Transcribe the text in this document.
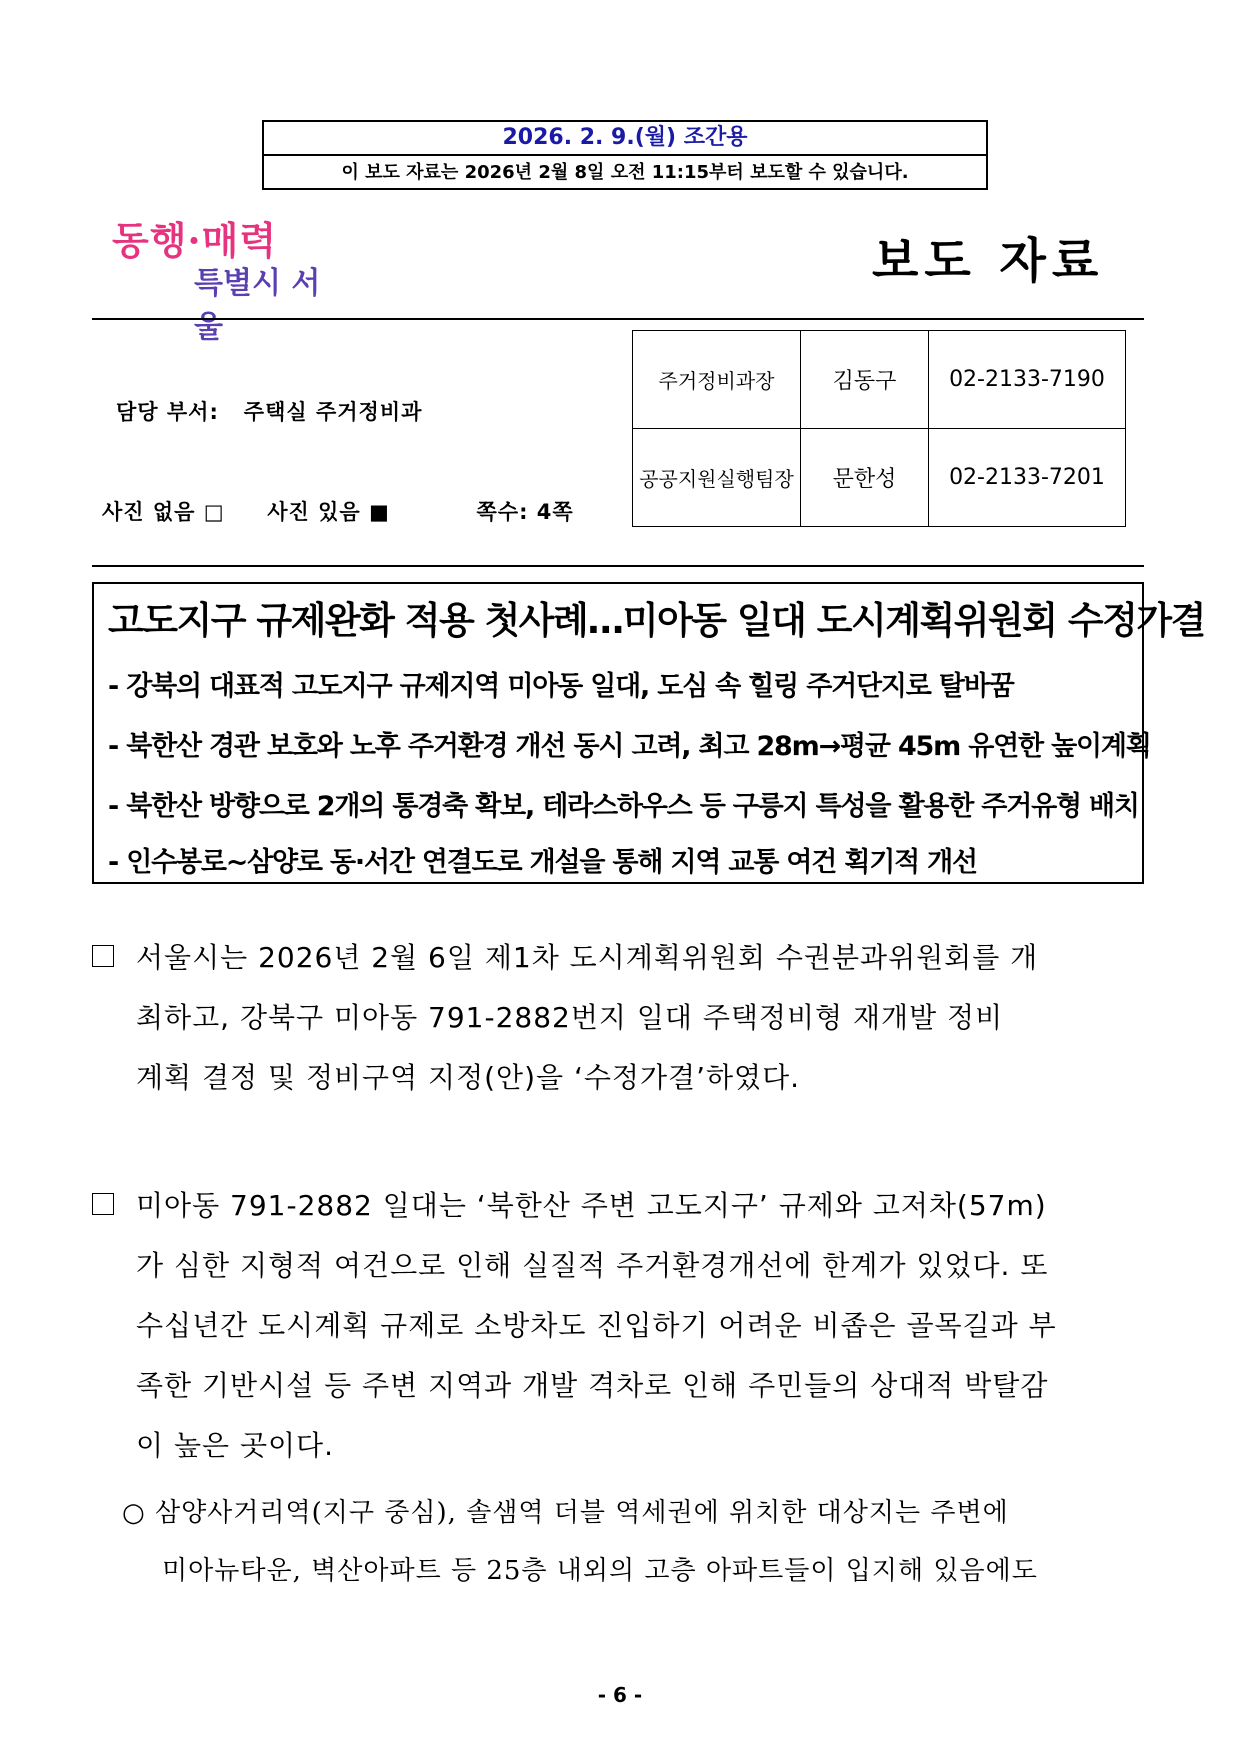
2026. 2. 9.(월) 조간용
이 보도 자료는 2026년 2월 8일 오전 11:15부터 보도할 수 있습니다.
동행·매력
특별시 서울
보도 자료
담당 부서: 주택실 주거정비과
사진 없음 □ 사진 있음 ■	쪽수: 4쪽
주거정비과장	김동구	02-2133-7190
공공지원실행팀장	문한성	02-2133-7201
고도지구 규제완화 적용 첫사례…미아동 일대 도시계획위원회 수정가결
- 강북의 대표적 고도지구 규제지역 미아동 일대, 도심 속 힐링 주거단지로 탈바꿈
- 북한산 경관 보호와 노후 주거환경 개선 동시 고려, 최고 28m→평균 45m 유연한 높이계획
- 북한산 방향으로 2개의 통경축 확보, 테라스하우스 등 구릉지 특성을 활용한 주거유형 배치
- 인수봉로~삼양로 동·서간 연결도로 개설을 통해 지역 교통 여건 획기적 개선
서울시는 2026년 2월 6일 제1차 도시계획위원회 수권분과위원회를 개
최하고, 강북구 미아동 791-2882번지 일대 주택정비형 재개발 정비
계획 결정 및 정비구역 지정(안)을 ‘수정가결’하였다.
미아동 791-2882 일대는 ‘북한산 주변 고도지구’ 규제와 고저차(57m)
가 심한 지형적 여건으로 인해 실질적 주거환경개선에 한계가 있었다. 또
수십년간 도시계획 규제로 소방차도 진입하기 어려운 비좁은 골목길과 부
족한 기반시설 등 주변 지역과 개발 격차로 인해 주민들의 상대적 박탈감
이 높은 곳이다.
○ 삼양사거리역(지구 중심), 솔샘역 더블 역세권에 위치한 대상지는 주변에
미아뉴타운, 벽산아파트 등 25층 내외의 고층 아파트들이 입지해 있음에도
- 6 -
